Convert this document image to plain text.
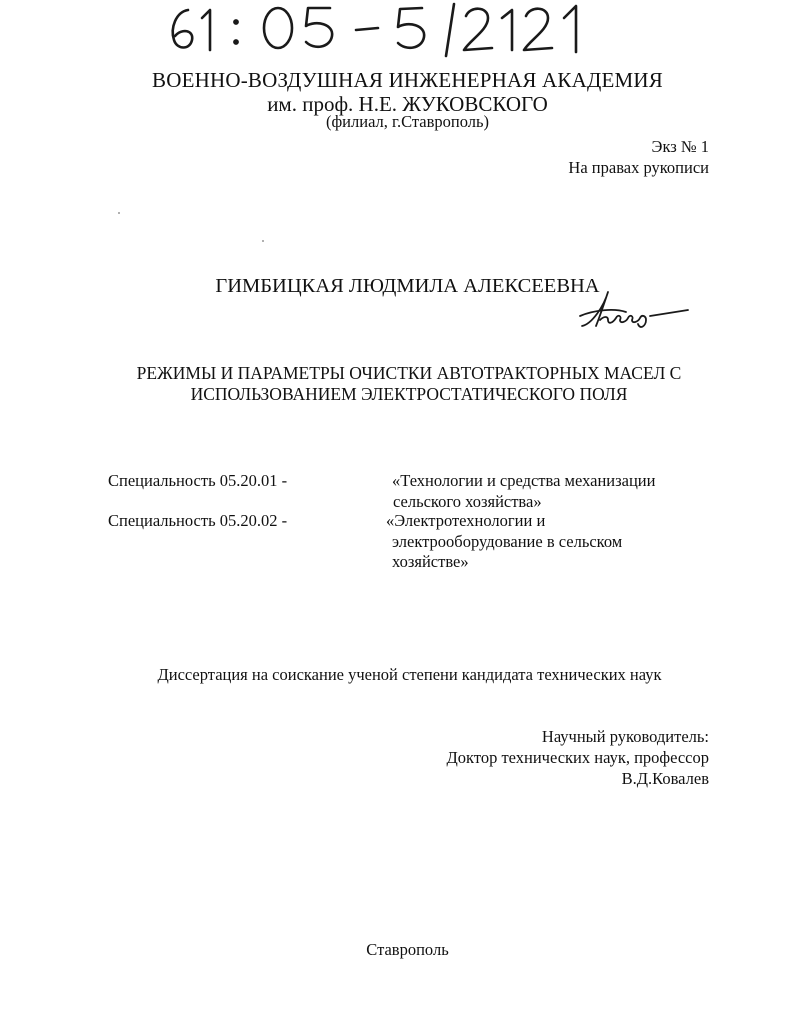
ВОЕННО-ВОЗДУШНАЯ ИНЖЕНЕРНАЯ АКАДЕМИЯ

им. проф. Н.Е. ЖУКОВСКОГО

(филиал, г.Ставрополь)

Экз № 1
На правах рукописи

ГИМБИЦКАЯ ЛЮДМИЛА АЛЕКСЕЕВНА

РЕЖИМЫ И ПАРАМЕТРЫ ОЧИСТКИ АВТОТРАКТОРНЫХ МАСЕЛ С
ИСПОЛЬЗОВАНИЕМ ЭЛЕКТРОСТАТИЧЕСКОГО ПОЛЯ
Специальность 05.20.01 -	«Технологии и средства механизации
сельского хозяйства»
Специальность 05.20.02 -	«Электротехнологии и
электрооборудование в сельском
хозяйстве»

Диссертация на соискание ученой степени кандидата технических наук

Научный руководитель:
Доктор технических наук, профессор
В.Д.Ковалев

Ставрополь
